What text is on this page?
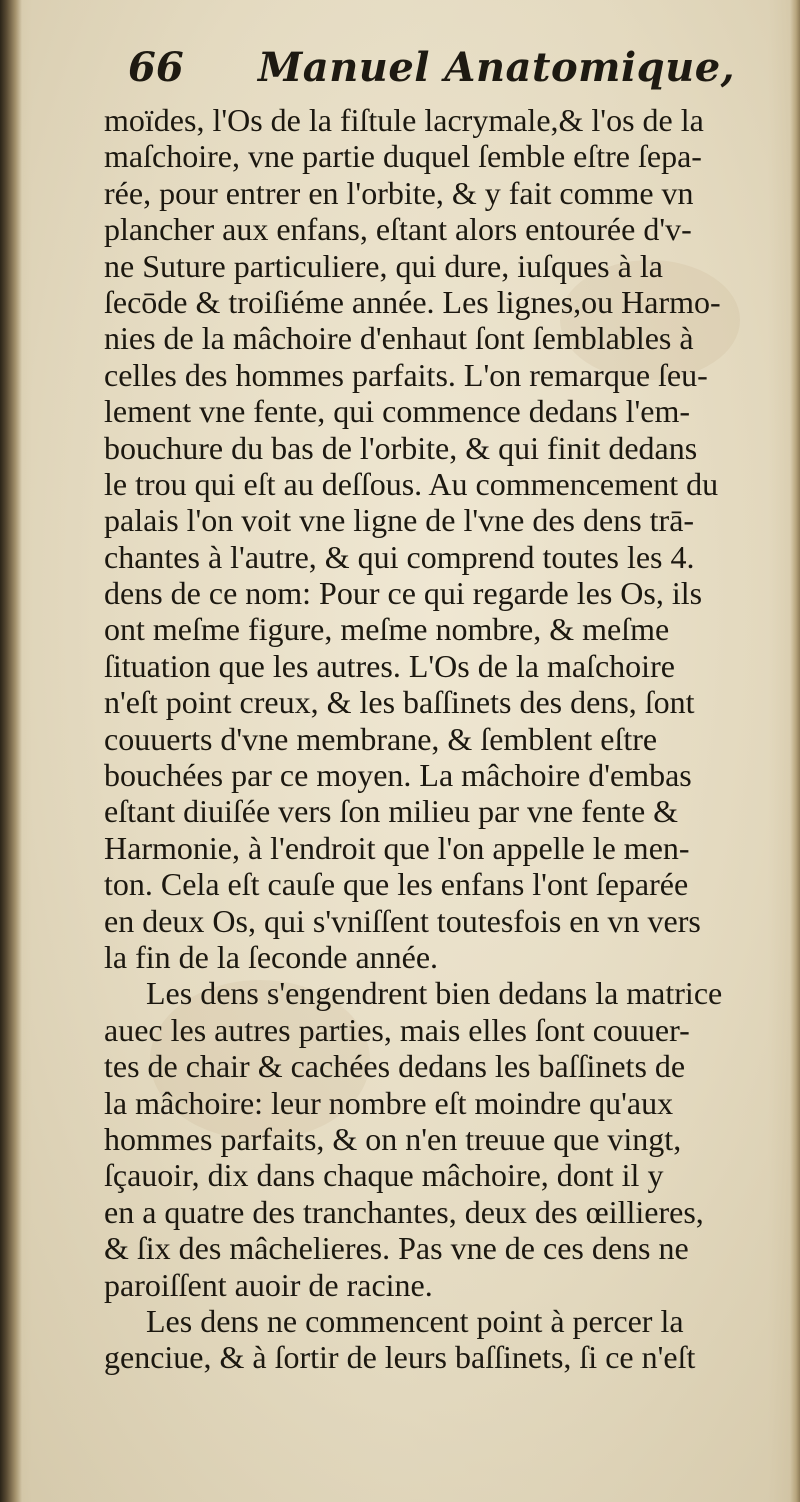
66 Manuel Anatomique,
moïdes, l'Os de la fiſtule lacrymale,& l'os de la
maſchoire, vne partie duquel ſemble eſtre ſepa-
rée, pour entrer en l'orbite, & y fait comme vn
plancher aux enfans, eſtant alors entourée d'v-
ne Suture particuliere, qui dure, iuſques à la
ſecōde & troiſiéme année. Les lignes,ou Harmo-
nies de la mâchoire d'enhaut ſont ſemblables à
celles des hommes parfaits. L'on remarque ſeu-
lement vne fente, qui commence dedans l'em-
bouchure du bas de l'orbite, & qui finit dedans
le trou qui eſt au deſſous. Au commencement du
palais l'on voit vne ligne de l'vne des dens trā-
chantes à l'autre, & qui comprend toutes les 4.
dens de ce nom: Pour ce qui regarde les Os, ils
ont meſme figure, meſme nombre, & meſme
ſituation que les autres. L'Os de la maſchoire
n'eſt point creux, & les baſſinets des dens, ſont
couuerts d'vne membrane, & ſemblent eſtre
bouchées par ce moyen. La mâchoire d'embas
eſtant diuiſée vers ſon milieu par vne fente &
Harmonie, à l'endroit que l'on appelle le men-
ton. Cela eſt cauſe que les enfans l'ont ſeparée
en deux Os, qui s'vniſſent toutesfois en vn vers
la fin de la ſeconde année.
Les dens s'engendrent bien dedans la matrice
auec les autres parties, mais elles ſont couuer-
tes de chair & cachées dedans les baſſinets de
la mâchoire: leur nombre eſt moindre qu'aux
hommes parfaits, & on n'en treuue que vingt,
ſçauoir, dix dans chaque mâchoire, dont il y
en a quatre des tranchantes, deux des œillieres,
& ſix des mâchelieres. Pas vne de ces dens ne
paroiſſent auoir de racine.
Les dens ne commencent point à percer la
genciue, & à ſortir de leurs baſſinets, ſi ce n'eſt
